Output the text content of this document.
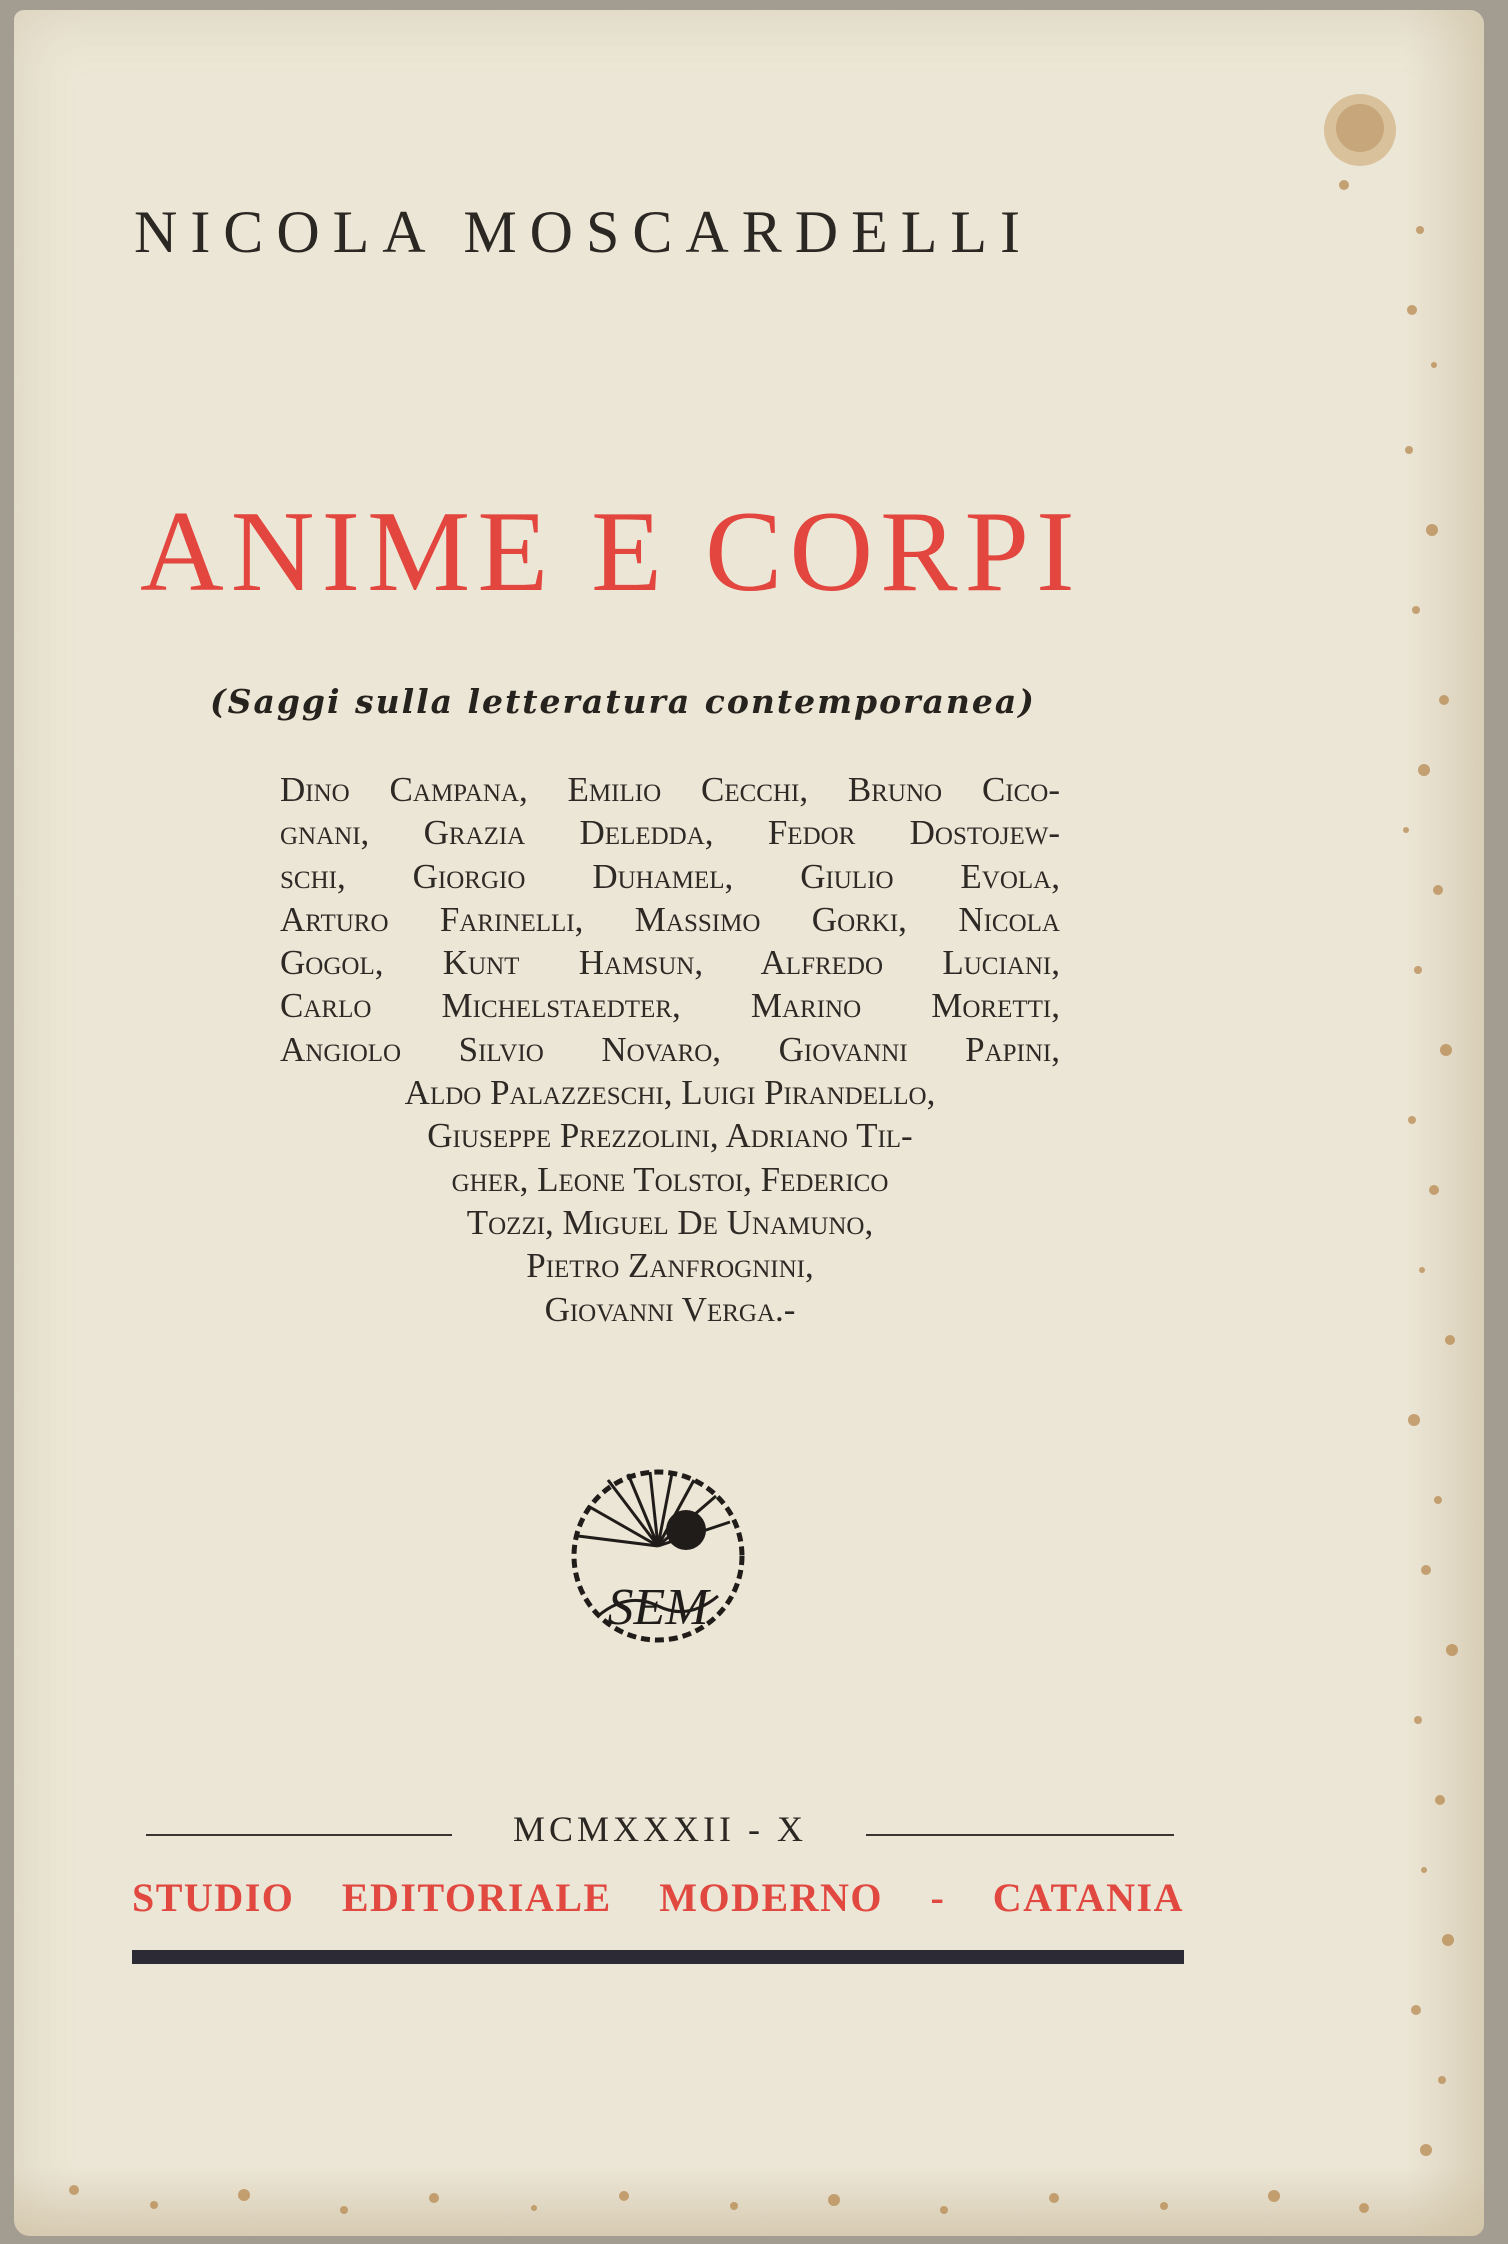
NICOLA MOSCARDELLI
ANIME E CORPI
(Saggi sulla letteratura contemporanea)
Dino Campana, Emilio Cecchi, Bruno Cico-
gnani, Grazia Deledda, Fedor Dostojew-
schi, Giorgio Duhamel, Giulio Evola,
Arturo Farinelli, Massimo Gorki, Nicola
Gogol, Kunt Hamsun, Alfredo Luciani,
Carlo Michelstaedter, Marino Moretti,
Angiolo Silvio Novaro, Giovanni Papini,
Aldo Palazzeschi, Luigi Pirandello,
Giuseppe Prezzolini, Adriano Til-
gher, Leone Tolstoi, Federico
Tozzi, Miguel De Unamuno,
Pietro Zanfrognini,
Giovanni Verga.-
SEM
MCMXXXII - X
STUDIO EDITORIALE MODERNO - CATANIA
